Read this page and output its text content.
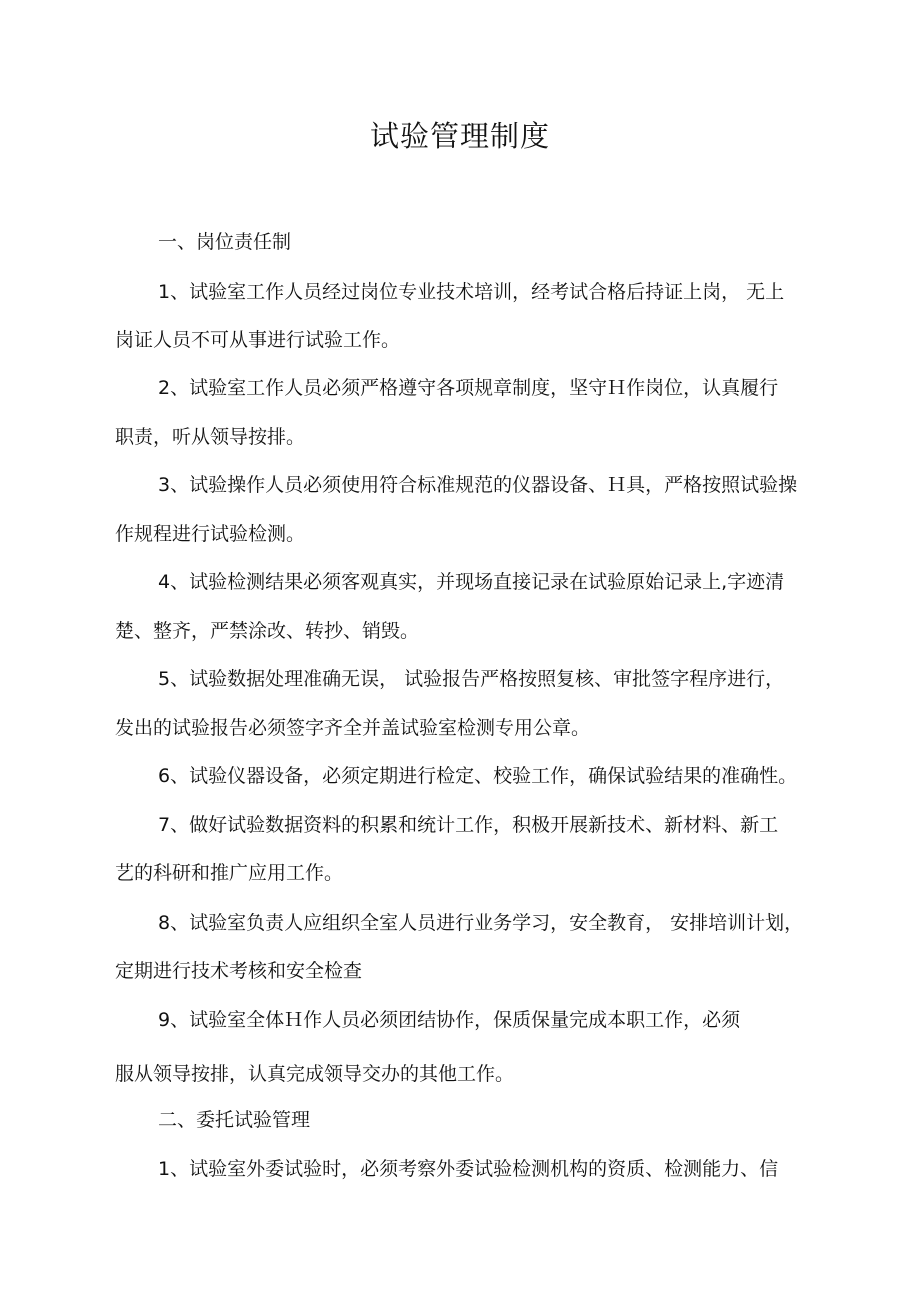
试验管理制度
一、岗位责任制
1、试验室工作人员经过岗位专业技术培训，经考试合格后持证上岗， 无上
岗证人员不可从事进行试验工作。
2、试验室工作人员必须严格遵守各项规章制度，坚守Ｈ作岗位，认真履行
职责，听从领导按排。
3、试验操作人员必须使用符合标准规范的仪器设备、Ｈ具，严格按照试验操
作规程进行试验检测。
4、试验检测结果必须客观真实，并现场直接记录在试验原始记录上,字迹清
楚、整齐，严禁涂改、转抄、销毁。
5、试验数据处理准确无误， 试验报告严格按照复核、审批签字程序进行，
发出的试验报告必须签字齐全并盖试验室检测专用公章。
6、试验仪器设备，必须定期进行检定、校验工作，确保试验结果的准确性。
7、做好试验数据资料的积累和统计工作，积极开展新技术、新材料、新工
艺的科研和推广应用工作。
8、试验室负责人应组织全室人员进行业务学习，安全教育， 安排培训计划，
定期进行技术考核和安全检查
9、试验室全体Ｈ作人员必须团结协作，保质保量完成本职工作，必须
服从领导按排，认真完成领导交办的其他工作。
二、委托试验管理
1、试验室外委试验时，必须考察外委试验检测机构的资质、检测能力、信
